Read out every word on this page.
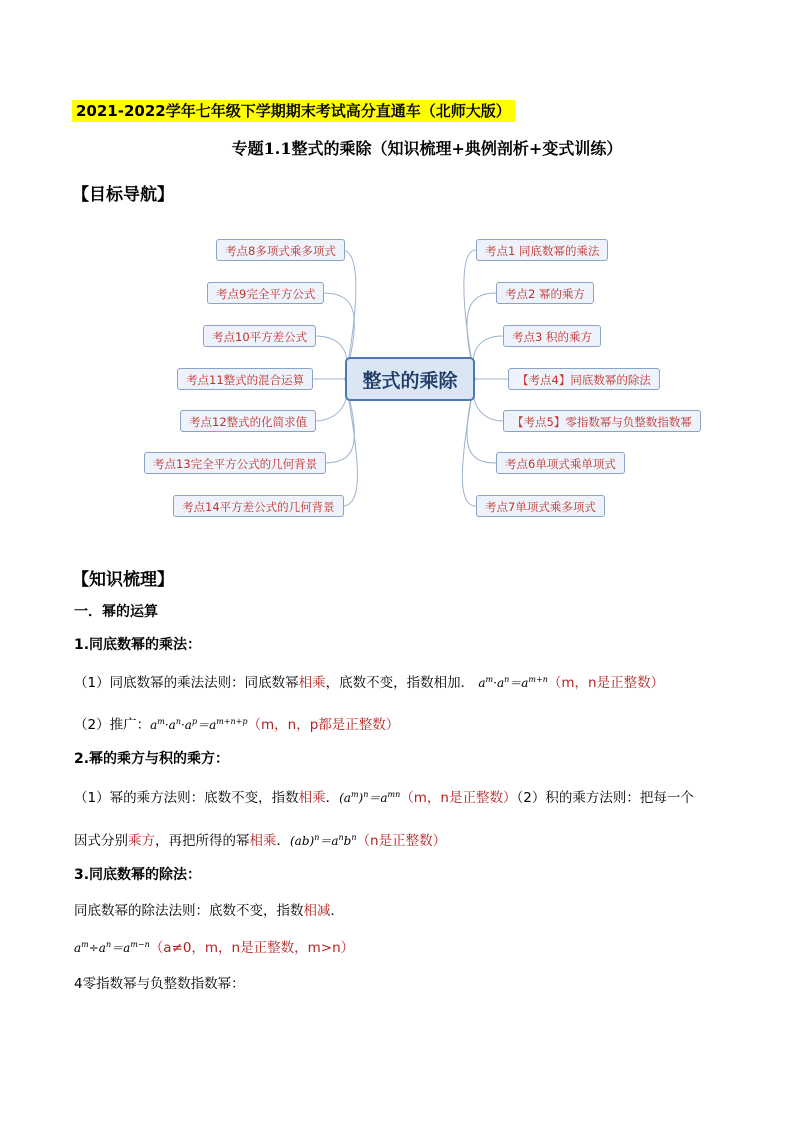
2021-2022学年七年级下学期期末考试高分直通车（北师大版）
专题1.1整式的乘除（知识梳理+典例剖析+变式训练）
【目标导航】
整式的乘除
考点8多项式乘多项式
考点9完全平方公式
考点10平方差公式
考点11整式的混合运算
考点12整式的化简求值
考点13完全平方公式的几何背景
考点14平方差公式的几何背景
考点1 同底数幂的乘法
考点2 幂的乘方
考点3 积的乘方
【考点4】同底数幂的除法
【考点5】零指数幂与负整数指数幂
考点6单项式乘单项式
考点7单项式乘多项式
【知识梳理】
一．幂的运算
1.同底数幂的乘法：
（1）同底数幂的乘法法则：同底数幂相乘，底数不变，指数相加． $a^m\cdot a^n=a^{m+n}(m$，n是正整数）
（2）推广：$a^m\cdot a^n\cdot a^p=a^{m+n+p}(m$，n，p都是正整数）
2.幂的乘方与积的乘方：
（1）幂的乘方法则：底数不变，指数相乘．$(a^m)^n=a^{mn}(m$，n是正整数）（2）积的乘方法则：把每一个
因式分别乘方，再把所得的幂相乘．$(ab)^n=a^nb^n(n$是正整数）
3.同底数幂的除法：
同底数幂的除法法则：底数不变，指数相减．
$a^m\div a^n=a^{m-n}(a\ne 0$，m，n是正整数，m>n）
4零指数幂与负整数指数幂：
